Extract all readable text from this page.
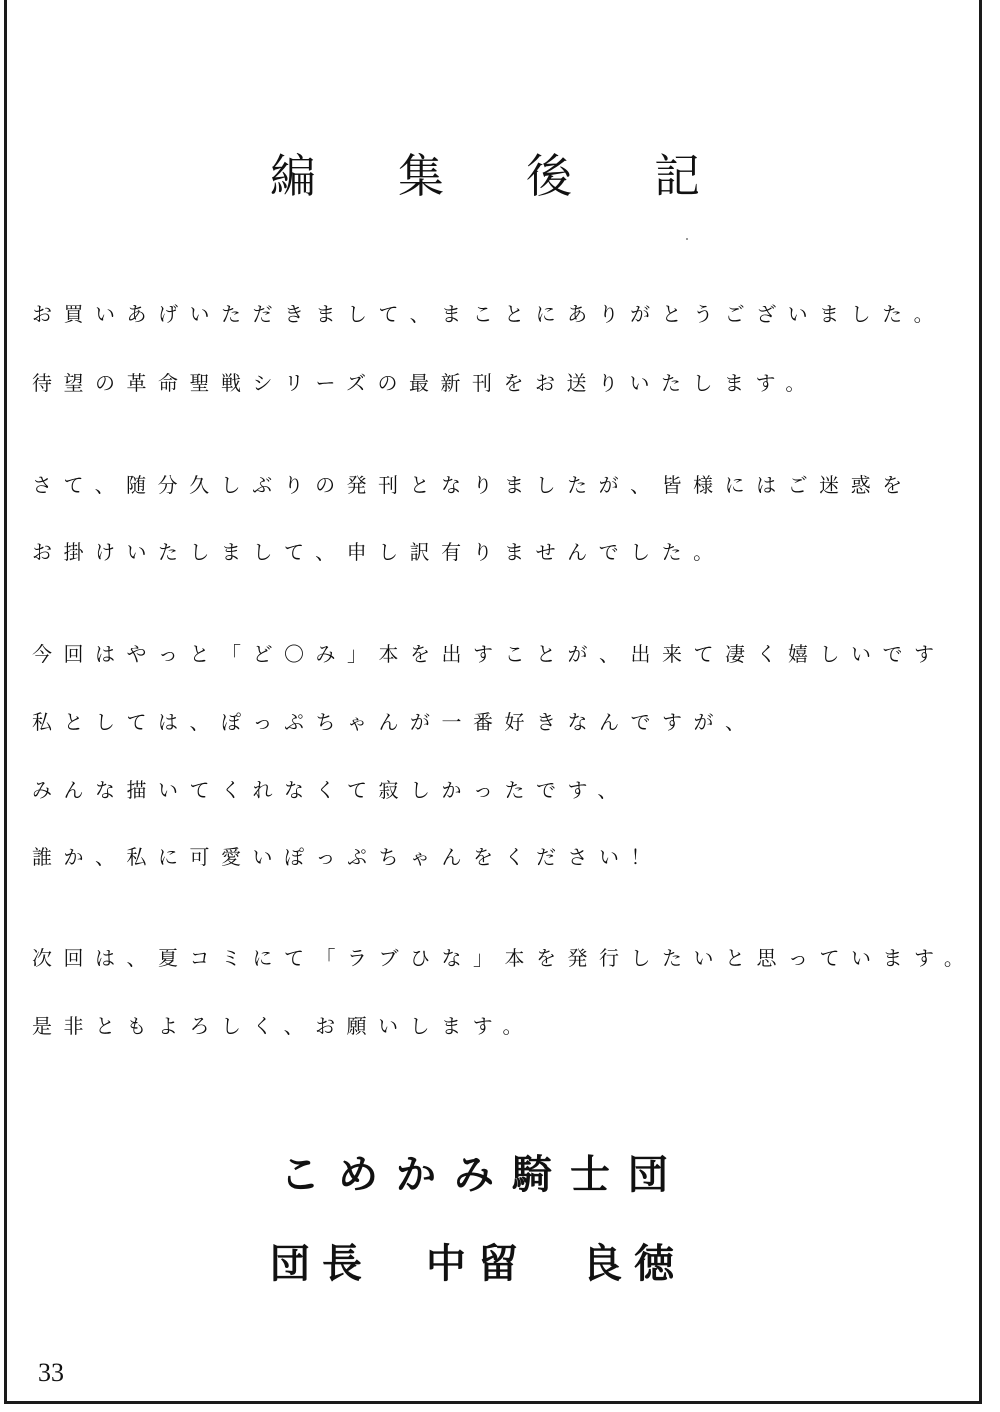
編集後記

お買いあげいただきまして、まことにありがとうございました。

待望の革命聖戦シリーズの最新刊をお送りいたします。

さて、随分久しぶりの発刊となりましたが、皆様にはご迷惑を

お掛けいたしまして、申し訳有りませんでした。

今回はやっと「ど〇み」本を出すことが、出来て凄く嬉しいです

私としては、ぽっぷちゃんが一番好きなんですが、

みんな描いてくれなくて寂しかったです、

誰か、私に可愛いぽっぷちゃんをください！

次回は、夏コミにて「ラブひな」本を発行したいと思っています。

是非ともよろしく、お願いします。

こめかみ騎士団

団長　中留　良徳

33
